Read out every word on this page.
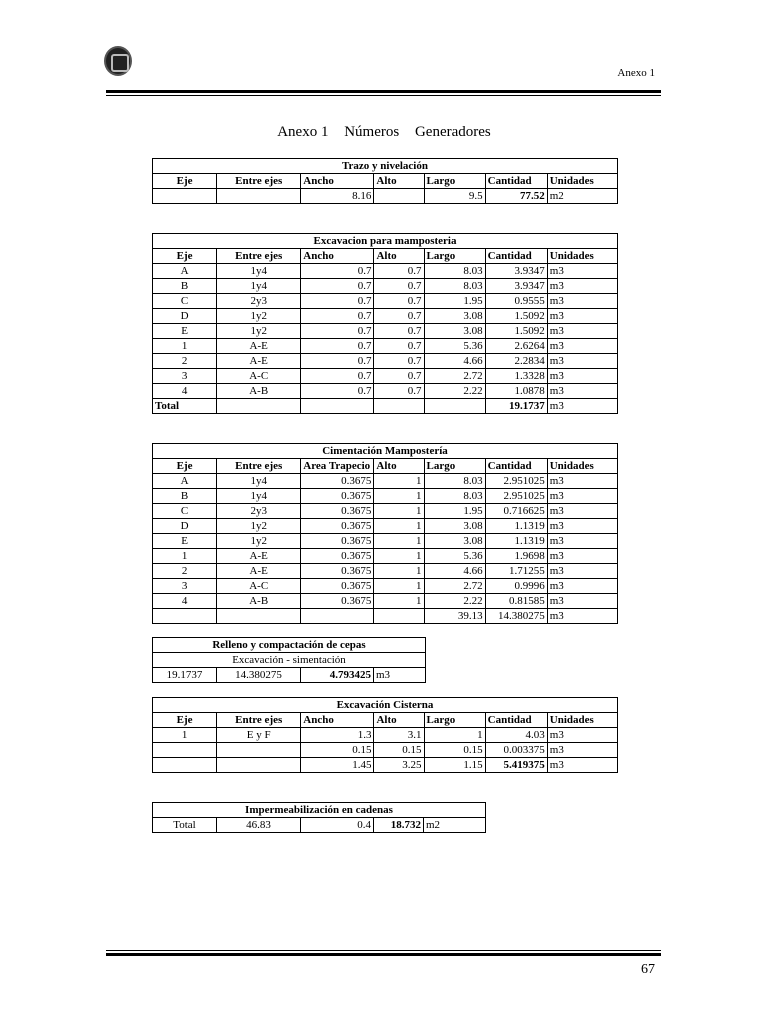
Anexo 1
Anexo 1 Números Generadores
Trazo y nivelación						
Eje	Entre ejes	Ancho	Alto	Largo	Cantidad	Unidades
		8.16		9.5	77.52	m2
Excavacion para mamposteria						
Eje	Entre ejes	Ancho	Alto	Largo	Cantidad	Unidades
A	1y4	0.7	0.7	8.03	3.9347	m3
B	1y4	0.7	0.7	8.03	3.9347	m3
C	2y3	0.7	0.7	1.95	0.9555	m3
D	1y2	0.7	0.7	3.08	1.5092	m3
E	1y2	0.7	0.7	3.08	1.5092	m3
1	A-E	0.7	0.7	5.36	2.6264	m3
2	A-E	0.7	0.7	4.66	2.2834	m3
3	A-C	0.7	0.7	2.72	1.3328	m3
4	A-B	0.7	0.7	2.22	1.0878	m3
Total					19.1737	m3
Cimentación Mampostería						
Eje	Entre ejes	Area Trapecio	Alto	Largo	Cantidad	Unidades
A	1y4	0.3675	1	8.03	2.951025	m3
B	1y4	0.3675	1	8.03	2.951025	m3
C	2y3	0.3675	1	1.95	0.716625	m3
D	1y2	0.3675	1	3.08	1.1319	m3
E	1y2	0.3675	1	3.08	1.1319	m3
1	A-E	0.3675	1	5.36	1.9698	m3
2	A-E	0.3675	1	4.66	1.71255	m3
3	A-C	0.3675	1	2.72	0.9996	m3
4	A-B	0.3675	1	2.22	0.81585	m3
				39.13	14.380275	m3
Relleno y compactación de cepas
Excavación - simentación
19.1737	14.380275	4.793425	m3
Excavación Cisterna						
Eje	Entre ejes	Ancho	Alto	Largo	Cantidad	Unidades
1	E y F	1.3	3.1	1	4.03	m3
		0.15	0.15	0.15	0.003375	m3
		1.45	3.25	1.15	5.419375	m3
Impermeabilización en cadenas
Total	46.83	0.4	18.732	m2
67
